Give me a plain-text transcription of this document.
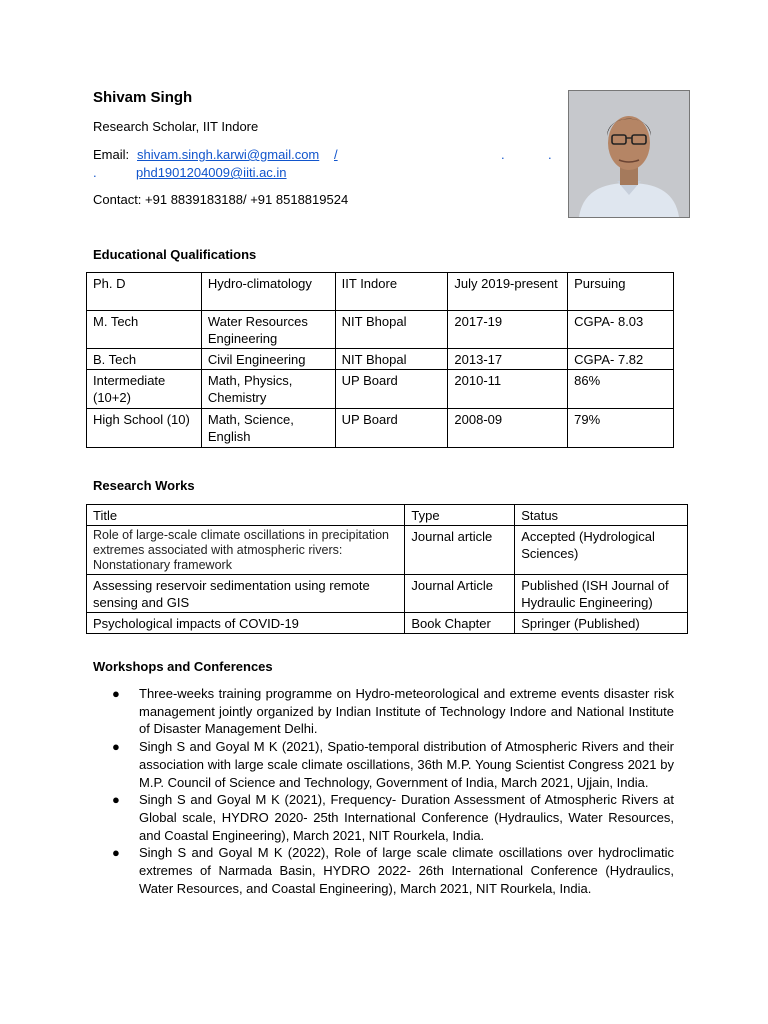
Shivam Singh
Research Scholar, IIT Indore
Email: shivam.singh.karwi@gmail.com /	.	.
.	phd1901204009@iiti.ac.in
Contact: +91 8839183188/ +91 8518819524
Educational Qualifications
Ph. D	Hydro-climatology	IIT Indore	July 2019-present	Pursuing
M. Tech	Water Resources Engineering	NIT Bhopal	2017-19	CGPA- 8.03
B. Tech	Civil Engineering	NIT Bhopal	2013-17	CGPA- 7.82
Intermediate (10+2)	Math, Physics, Chemistry	UP Board	2010-11	86%
High School (10)	Math, Science, English	UP Board	2008-09	79%
Research Works
Title	Type	Status
Role of large-scale climate oscillations in precipitation extremes associated with atmospheric rivers: Nonstationary framework	Journal article	Accepted (Hydrological Sciences)
Assessing reservoir sedimentation using remote sensing and GIS	Journal Article	Published (ISH Journal of Hydraulic Engineering)
Psychological impacts of COVID-19	Book Chapter	Springer (Published)
Workshops and Conferences
● Three-weeks training programme on Hydro-meteorological and extreme events disaster risk management jointly organized by Indian Institute of Technology Indore and National Institute of Disaster Management Delhi.
● Singh S and Goyal M K (2021), Spatio-temporal distribution of Atmospheric Rivers and their association with large scale climate oscillations, 36th M.P. Young Scientist Congress 2021 by M.P. Council of Science and Technology, Government of India, March 2021, Ujjain, India.
● Singh S and Goyal M K (2021), Frequency- Duration Assessment of Atmospheric Rivers at Global scale, HYDRO 2020- 25th International Conference (Hydraulics, Water Resources, and Coastal Engineering), March 2021, NIT Rourkela, India.
● Singh S and Goyal M K (2022), Role of large scale climate oscillations over hydroclimatic extremes of Narmada Basin, HYDRO 2022- 26th International Conference (Hydraulics, Water Resources, and Coastal Engineering), March 2021, NIT Rourkela, India.
